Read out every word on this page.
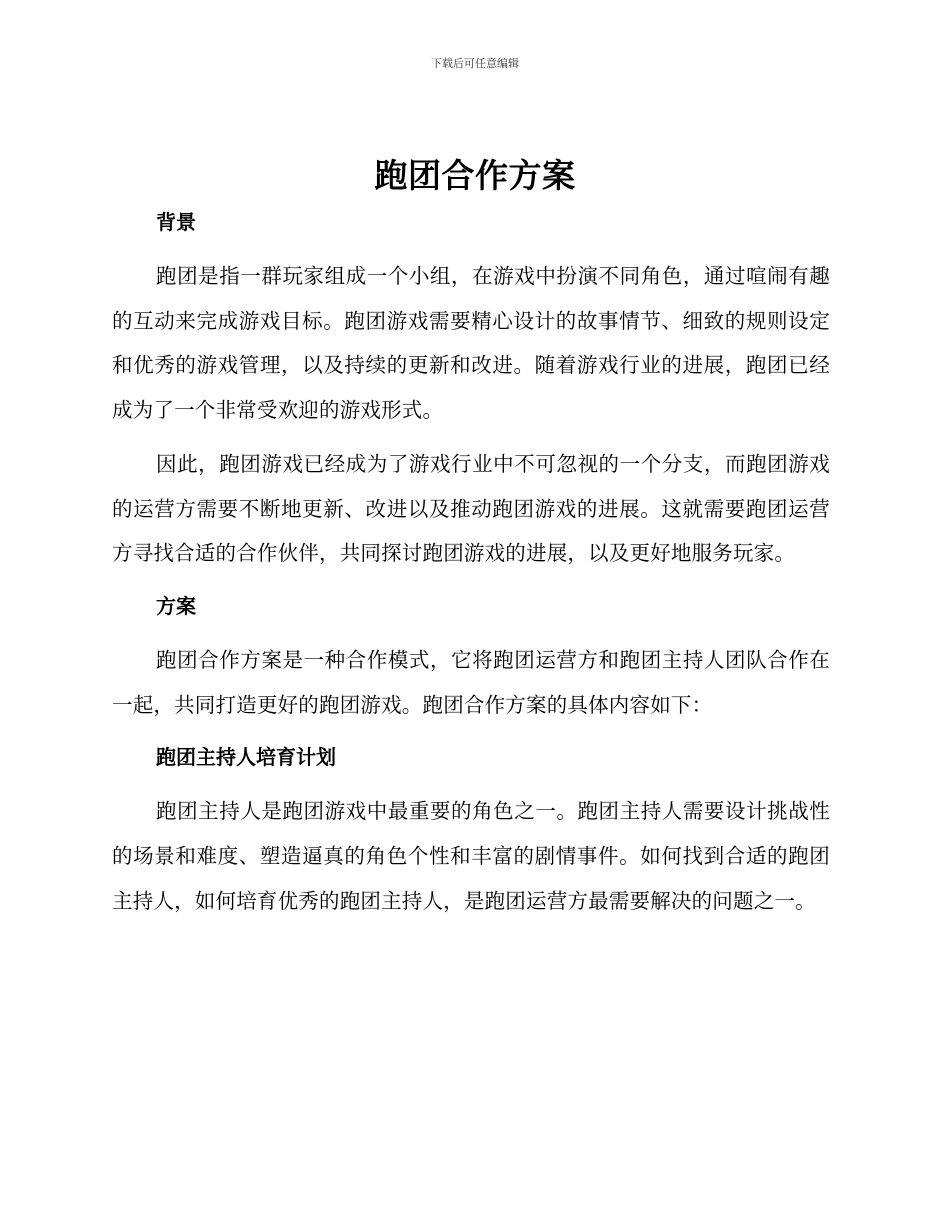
下载后可任意编辑
跑团合作方案
背景

跑团是指一群玩家组成一个小组，在游戏中扮演不同角色，通过喧闹有趣的互动来完成游戏目标。跑团游戏需要精心设计的故事情节、细致的规则设定和优秀的游戏管理，以及持续的更新和改进。随着游戏行业的进展，跑团已经成为了一个非常受欢迎的游戏形式。

因此，跑团游戏已经成为了游戏行业中不可忽视的一个分支，而跑团游戏的运营方需要不断地更新、改进以及推动跑团游戏的进展。这就需要跑团运营方寻找合适的合作伙伴，共同探讨跑团游戏的进展，以及更好地服务玩家。

方案

跑团合作方案是一种合作模式，它将跑团运营方和跑团主持人团队合作在一起，共同打造更好的跑团游戏。跑团合作方案的具体内容如下：

跑团主持人培育计划

跑团主持人是跑团游戏中最重要的角色之一。跑团主持人需要设计挑战性的场景和难度、塑造逼真的角色个性和丰富的剧情事件。如何找到合适的跑团主持人，如何培育优秀的跑团主持人，是跑团运营方最需要解决的问题之一。
